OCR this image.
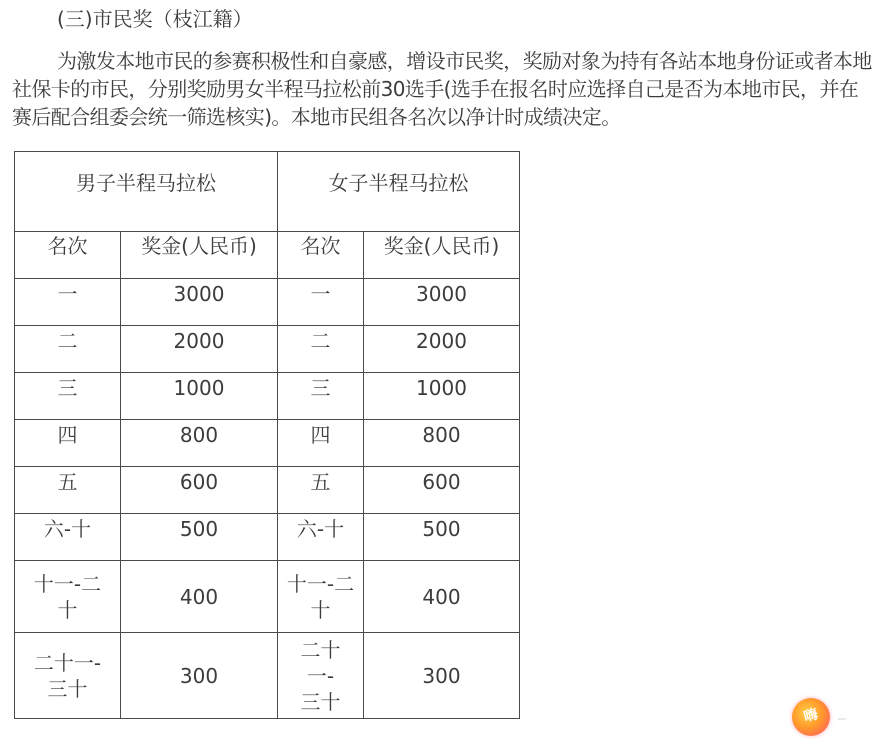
(三)市民奖（枝江籍）

为激发本地市民的参赛积极性和自豪感，增设市民奖，奖励对象为持有各站本地身份证或者本地社保卡的市民，分别奖励男女半程马拉松前30选手(选手在报名时应选择自己是否为本地市民，并在赛后配合组委会统一筛选核实)。本地市民组各名次以净计时成绩决定。

男子半程马拉松		女子半程马拉松	
名次	奖金(人民币)	名次	奖金(人民币)
一	3000	一	3000
二	2000	二	2000
三	1000	三	1000
四	800	四	800
五	600	五	600
六-十	500	六-十	500
十一-二十	400	十一-二十	400
二十一-三十	300	二十一-三十	300
嗨
